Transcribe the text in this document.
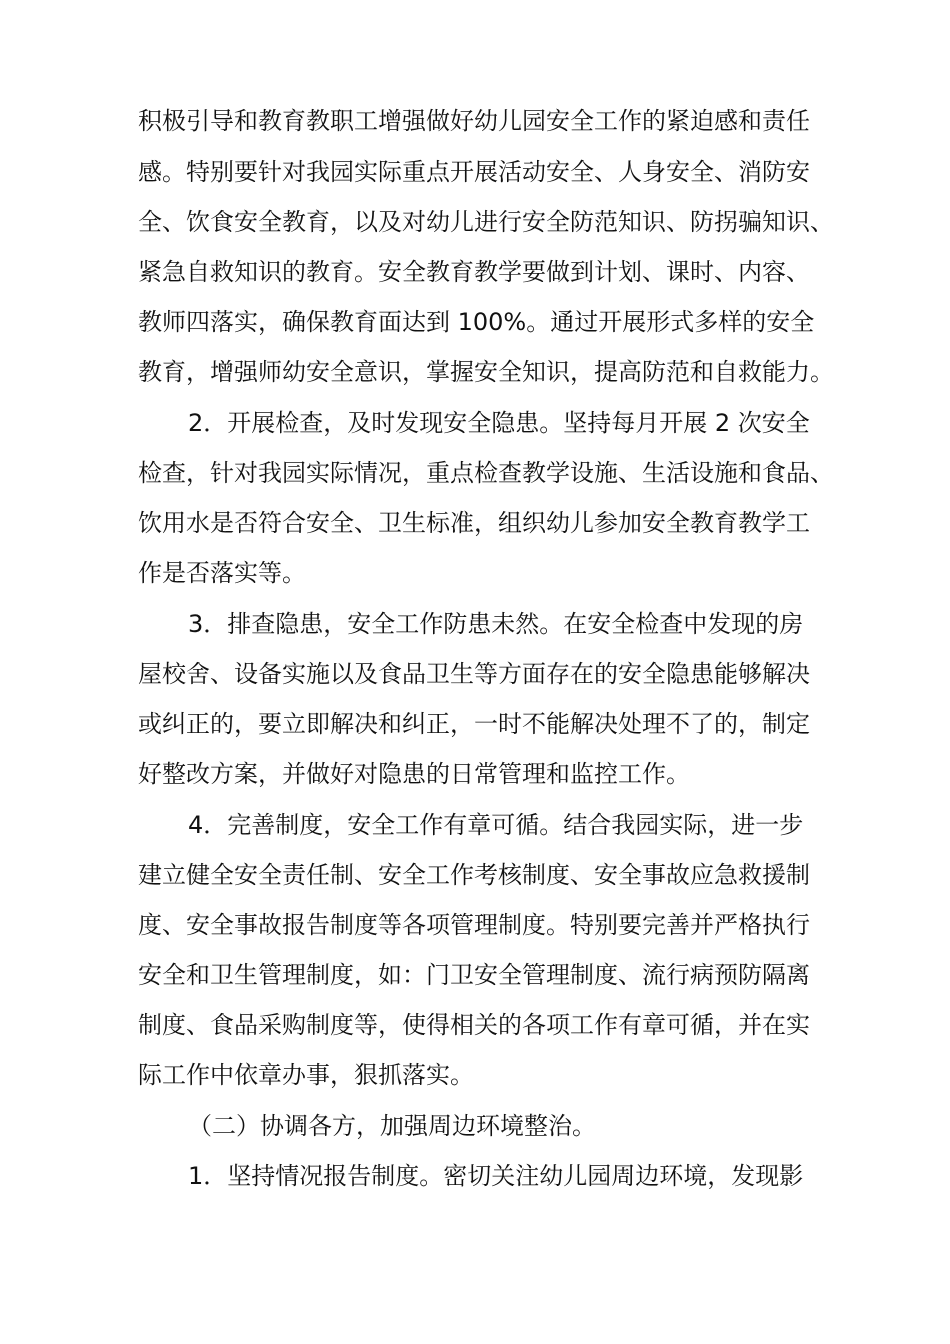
积极引导和教育教职工增强做好幼儿园安全工作的紧迫感和责任
感。特别要针对我园实际重点开展活动安全、人身安全、消防安
全、饮食安全教育，以及对幼儿进行安全防范知识、防拐骗知识、
紧急自救知识的教育。安全教育教学要做到计划、课时、内容、
教师四落实，确保教育面达到 100%。通过开展形式多样的安全
教育，增强师幼安全意识，掌握安全知识，提高防范和自救能力。
2．开展检查，及时发现安全隐患。坚持每月开展 2 次安全
检查，针对我园实际情况，重点检查教学设施、生活设施和食品、
饮用水是否符合安全、卫生标准，组织幼儿参加安全教育教学工
作是否落实等。
3．排查隐患，安全工作防患未然。在安全检查中发现的房
屋校舍、设备实施以及食品卫生等方面存在的安全隐患能够解决
或纠正的，要立即解决和纠正，一时不能解决处理不了的，制定
好整改方案，并做好对隐患的日常管理和监控工作。
4．完善制度，安全工作有章可循。结合我园实际，进一步
建立健全安全责任制、安全工作考核制度、安全事故应急救援制
度、安全事故报告制度等各项管理制度。特别要完善并严格执行
安全和卫生管理制度，如：门卫安全管理制度、流行病预防隔离
制度、食品采购制度等，使得相关的各项工作有章可循，并在实
际工作中依章办事，狠抓落实。
（二）协调各方，加强周边环境整治。
1．坚持情况报告制度。密切关注幼儿园周边环境，发现影
